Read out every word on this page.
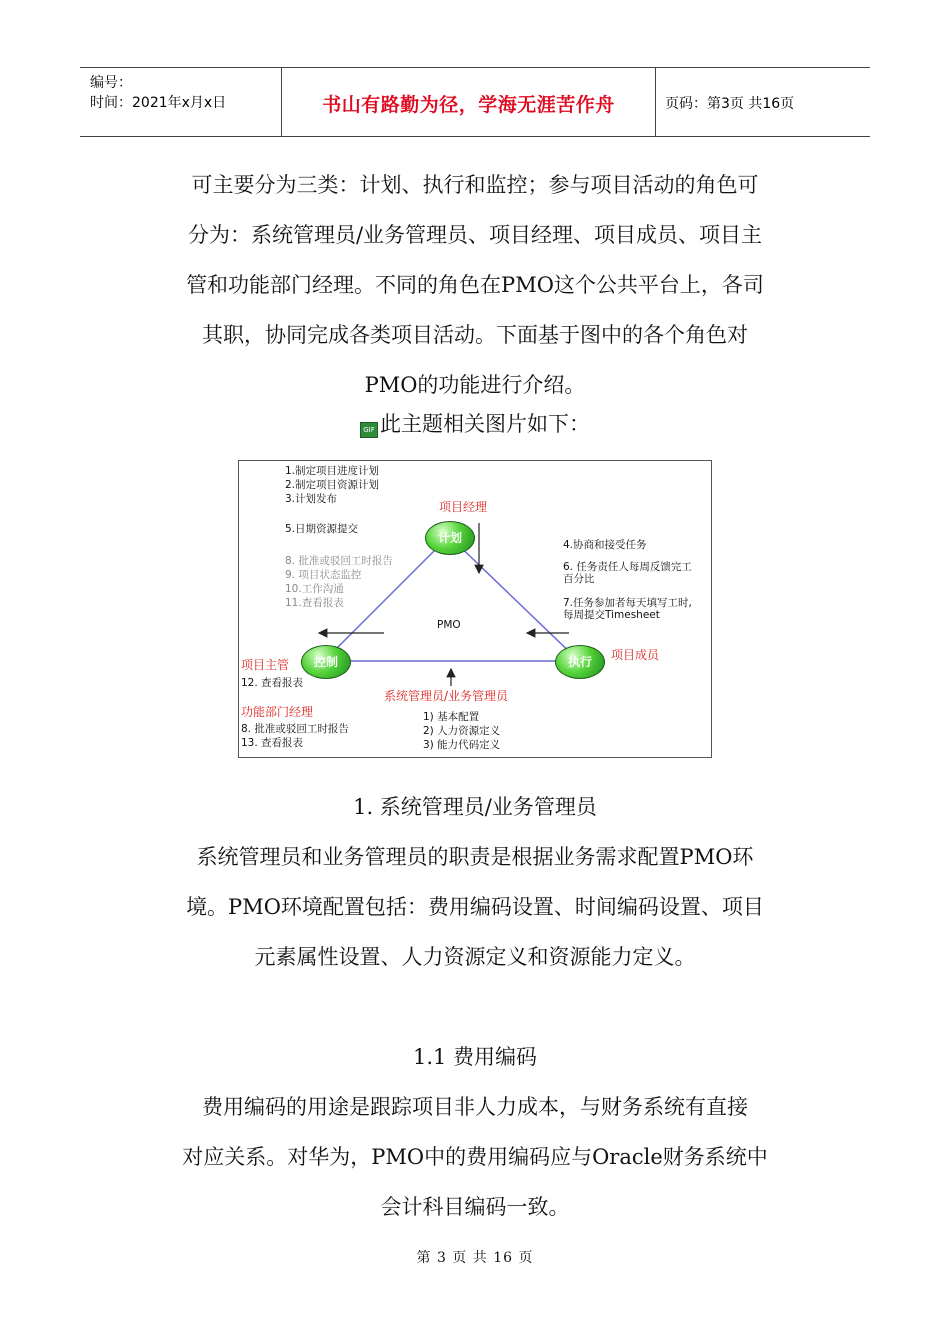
编号：
时间：2021年x月x日	书山有路勤为径，学海无涯苦作舟	页码：第3页 共16页
可主要分为三类：计划、执行和监控；参与项目活动的角色可
分为：系统管理员/业务管理员、项目经理、项目成员、项目主
管和功能部门经理。不同的角色在PMO这个公共平台上，各司
其职，协同完成各类项目活动。下面基于图中的各个角色对
PMO的功能进行介绍。
GIF 此主题相关图片如下：
计划
控制	执行
PMO
项目经理
项目成员
系统管理员/业务管理员
项目主管
功能部门经理
1.制定项目进度计划
2.制定项目资源计划
3.计划发布
5.日期资源提交
8. 批准或驳回工时报告
9. 项目状态监控
10.工作沟通
11.查看报表
4.协商和接受任务
6. 任务责任人每周反馈完工
百分比
7.任务参加者每天填写工时,
每周提交Timesheet
12. 查看报表
8. 批准或驳回工时报告
13. 查看报表
1) 基本配置
2) 人力资源定义
3) 能力代码定义
1. 系统管理员/业务管理员
系统管理员和业务管理员的职责是根据业务需求配置PMO环
境。PMO环境配置包括：费用编码设置、时间编码设置、项目
元素属性设置、人力资源定义和资源能力定义。
1.1 费用编码
费用编码的用途是跟踪项目非人力成本，与财务系统有直接
对应关系。对华为，PMO中的费用编码应与Oracle财务系统中
会计科目编码一致。
第 3 页 共 16 页
